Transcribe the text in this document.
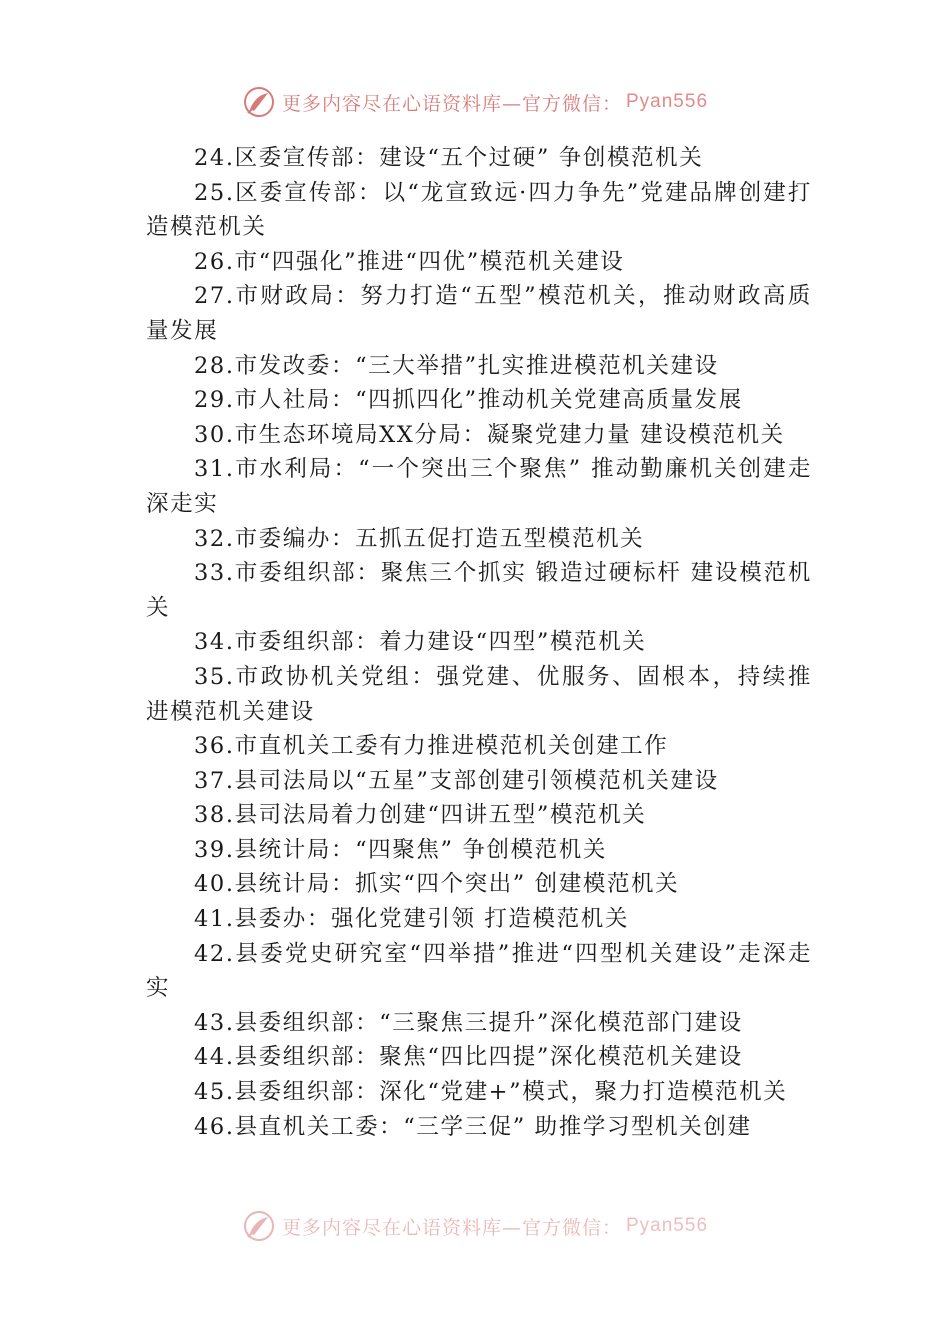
更多内容尽在心语资料库—官方微信： Pyan556

24.区委宣传部：建设“五个过硬” 争创模范机关

25.区委宣传部：以“龙宣致远·四力争先”党建品牌创建打造模范机关

26.市“四强化”推进“四优”模范机关建设

27.市财政局：努力打造“五型”模范机关，推动财政高质量发展

28.市发改委：“三大举措”扎实推进模范机关建设

29.市人社局：“四抓四化”推动机关党建高质量发展

30.市生态环境局XX分局：凝聚党建力量 建设模范机关

31.市水利局：“一个突出三个聚焦” 推动勤廉机关创建走深走实

32.市委编办：五抓五促打造五型模范机关

33.市委组织部：聚焦三个抓实 锻造过硬标杆 建设模范机关

34.市委组织部：着力建设“四型”模范机关

35.市政协机关党组：强党建、优服务、固根本，持续推进模范机关建设

36.市直机关工委有力推进模范机关创建工作

37.县司法局以“五星”支部创建引领模范机关建设

38.县司法局着力创建“四讲五型”模范机关

39.县统计局：“四聚焦” 争创模范机关

40.县统计局：抓实“四个突出” 创建模范机关

41.县委办：强化党建引领 打造模范机关

42.县委党史研究室“四举措”推进“四型机关建设”走深走实

43.县委组织部：“三聚焦三提升”深化模范部门建设

44.县委组织部：聚焦“四比四提”深化模范机关建设

45.县委组织部：深化“党建+”模式，聚力打造模范机关

46.县直机关工委：“三学三促” 助推学习型机关创建

更多内容尽在心语资料库—官方微信： Pyan556
